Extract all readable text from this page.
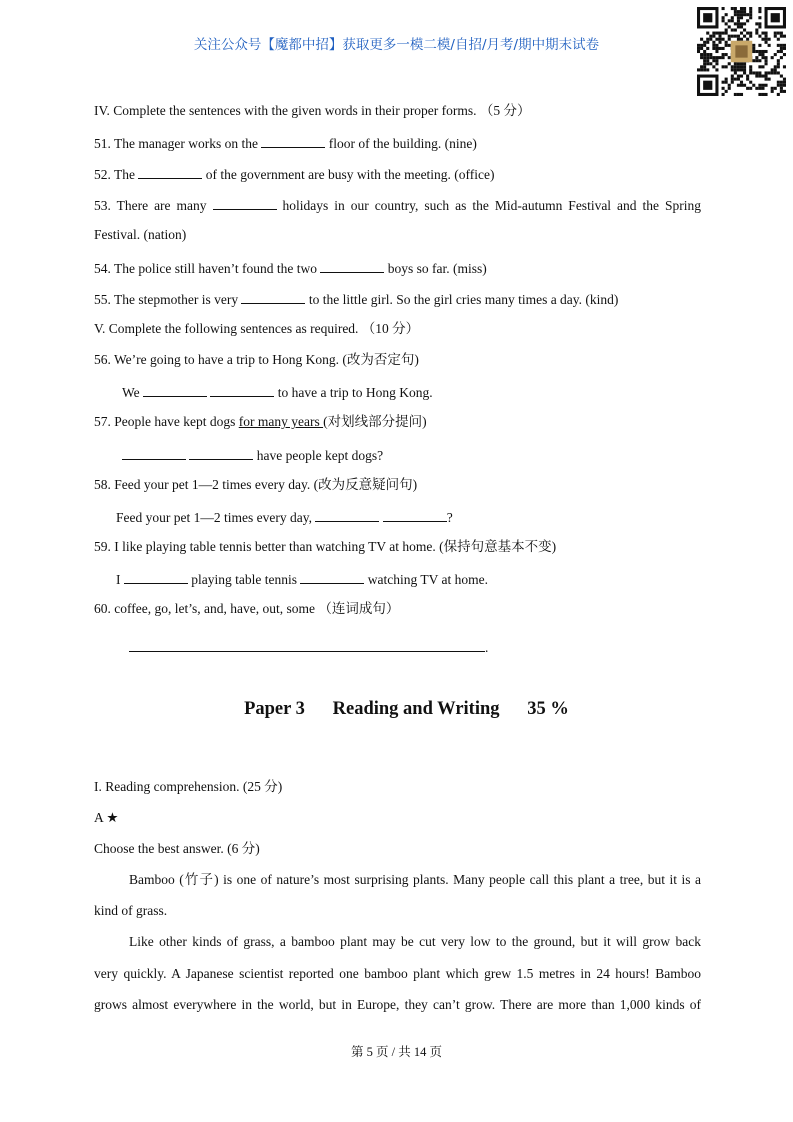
关注公众号【魔都中招】获取更多一模二模/自招/月考/期中期末试卷
IV. Complete the sentences with the given words in their proper forms. （5 分）
51. The manager works on the	floor of the building. (nine)
52. The	of the government are busy with the meeting. (office)
53. There are many	holidays in our country, such as the Mid-autumn Festival and the Spring
Festival. (nation)
54. The police still haven’t found the two	boys so far. (miss)
55. The stepmother is very	to the little girl. So the girl cries many times a day. (kind)
V. Complete the following sentences as required. （10 分）
56. We’re going to have a trip to Hong Kong. (改为否定句)
We	to have a trip to Hong Kong.
57. People have kept dogs for many years (对划线部分提问)
have people kept dogs?
58. Feed your pet 1—2 times every day. (改为反意疑问句)
Feed your pet 1—2 times every day,	?
59. I like playing table tennis better than watching TV at home. (保持句意基本不变)
I	playing table tennis	watching TV at home.
60. coffee, go, let’s, and, have, out, some （连词成句）
.
Paper 3      Reading and Writing      35 %
I. Reading comprehension. (25 分)
A ★
Choose the best answer. (6 分)
Bamboo (竹子) is one of nature’s most surprising plants. Many people call this plant a tree, but it is a
kind of grass.
Like other kinds of grass, a bamboo plant may be cut very low to the ground, but it will grow back
very quickly. A Japanese scientist reported one bamboo plant which grew 1.5 metres in 24 hours! Bamboo
grows almost everywhere in the world, but in Europe, they can’t grow. There are more than 1,000 kinds of
第 5 页 / 共 14 页
